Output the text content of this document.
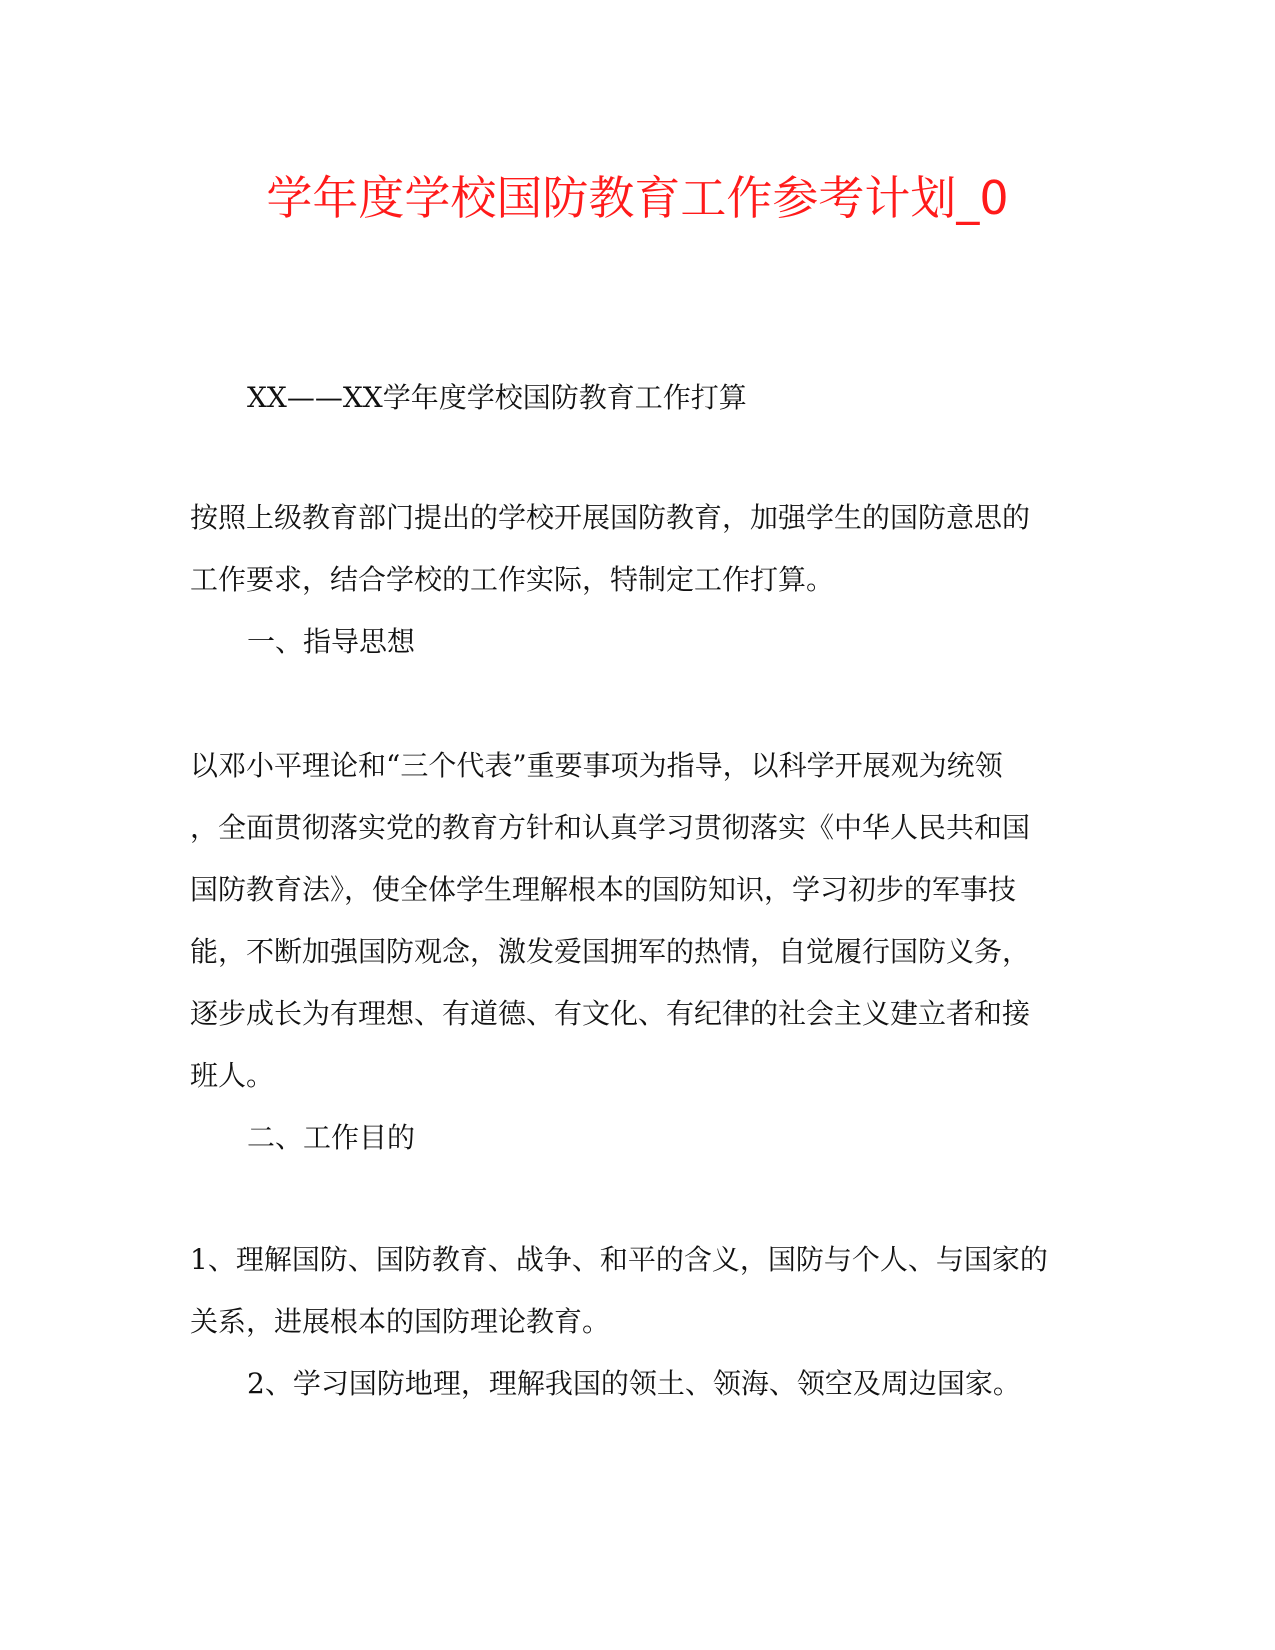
学年度学校国防教育工作参考计划_0
XX——XX学年度学校国防教育工作打算
按照上级教育部门提出的学校开展国防教育，加强学生的国防意思的
工作要求，结合学校的工作实际，特制定工作打算。
一、指导思想
以邓小平理论和“三个代表”重要事项为指导，以科学开展观为统领
，全面贯彻落实党的教育方针和认真学习贯彻落实《中华人民共和国
国防教育法》，使全体学生理解根本的国防知识，学习初步的军事技
能，不断加强国防观念，激发爱国拥军的热情，自觉履行国防义务，
逐步成长为有理想、有道德、有文化、有纪律的社会主义建立者和接
班人。
二、工作目的
1、理解国防、国防教育、战争、和平的含义，国防与个人、与国家的
关系，进展根本的国防理论教育。
2、学习国防地理，理解我国的领土、领海、领空及周边国家。
